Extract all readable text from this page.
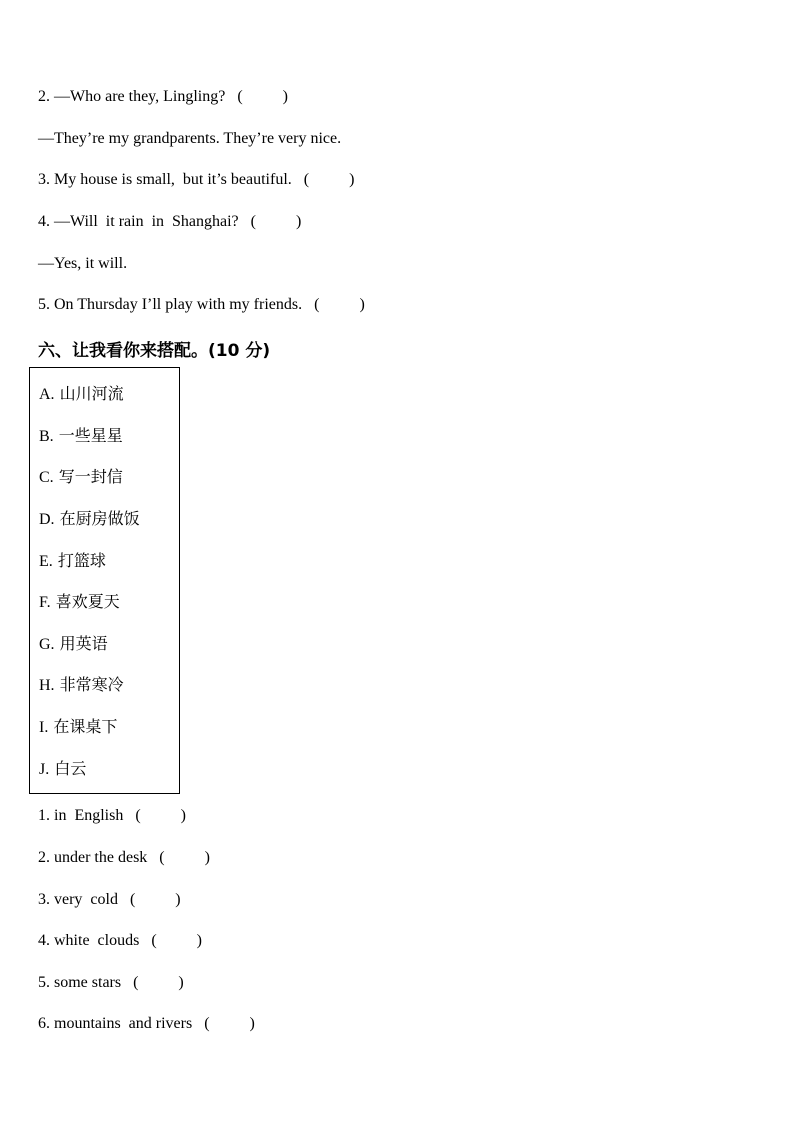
2. —Who are they, Lingling?   (          )
—They’re my grandparents. They’re very nice.
3. My house is small,  but it’s beautiful.   (          )
4. —Will  it rain  in  Shanghai?   (          )
—Yes, it will.
5. On Thursday I’ll play with my friends.   (          )
六、让我看你来搭配。(10 分)
A. 山川河流
B. 一些星星
C. 写一封信
D. 在厨房做饭
E. 打篮球
F. 喜欢夏天
G. 用英语
H. 非常寒冷
I. 在课桌下
J. 白云
1. in  English   (          )
2. under the desk   (          )
3. very  cold   (          )
4. white  clouds   (          )
5. some stars   (          )
6. mountains  and rivers   (          )
